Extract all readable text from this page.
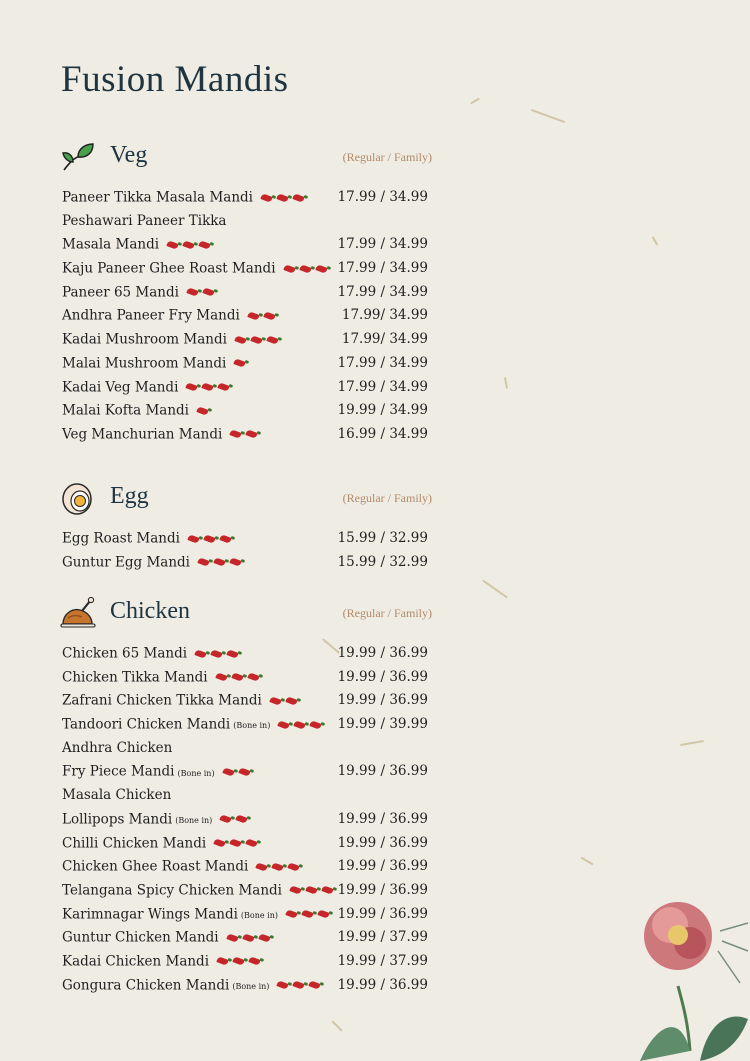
Fusion Mandis
Veg	(Regular / Family)
Paneer Tikka Masala Mandi	17.99 / 34.99
Peshawari Paneer Tikka
Masala Mandi	17.99 / 34.99
Kaju Paneer Ghee Roast Mandi	17.99 / 34.99
Paneer 65 Mandi	17.99 / 34.99
Andhra Paneer Fry Mandi	17.99/ 34.99
Kadai Mushroom Mandi	17.99/ 34.99
Malai Mushroom Mandi	17.99 / 34.99
Kadai Veg Mandi	17.99 / 34.99
Malai Kofta Mandi	19.99 / 34.99
Veg Manchurian Mandi	16.99 / 34.99
Egg	(Regular / Family)
Egg Roast Mandi	15.99 / 32.99
Guntur Egg Mandi	15.99 / 32.99
Chicken	(Regular / Family)
Chicken 65 Mandi	19.99 / 36.99
Chicken Tikka Mandi	19.99 / 36.99
Zafrani Chicken Tikka Mandi	19.99 / 36.99
Tandoori Chicken Mandi (Bone in)	19.99 / 39.99
Andhra Chicken
Fry Piece Mandi (Bone in)	19.99 / 36.99
Masala Chicken
Lollipops Mandi (Bone in)	19.99 / 36.99
Chilli Chicken Mandi	19.99 / 36.99
Chicken Ghee Roast Mandi	19.99 / 36.99
Telangana Spicy Chicken Mandi	19.99 / 36.99
Karimnagar Wings Mandi (Bone in)	19.99 / 36.99
Guntur Chicken Mandi	19.99 / 37.99
Kadai Chicken Mandi	19.99 / 37.99
Gongura Chicken Mandi (Bone in)	19.99 / 36.99
